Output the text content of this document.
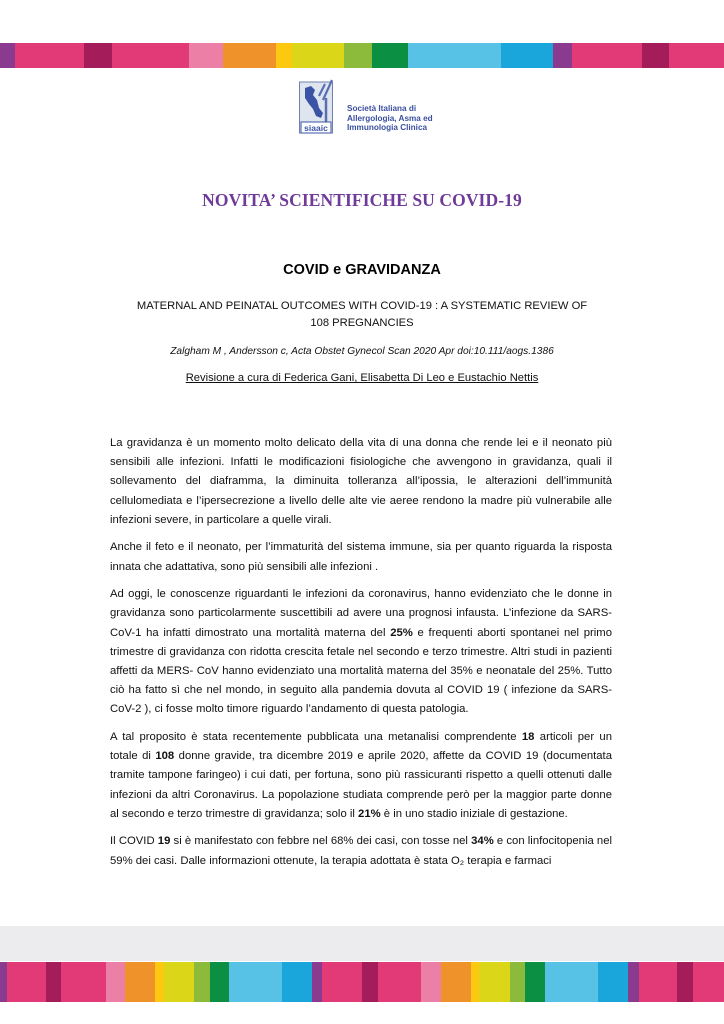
siaaic
Società Italiana di
Allergologia, Asma ed
Immunologia Clinica
NOVITA’ SCIENTIFICHE SU COVID-19
COVID e GRAVIDANZA
MATERNAL AND PEINATAL OUTCOMES WITH COVID-19 : A SYSTEMATIC REVIEW OF 108 PREGNANCIES
Zalgham M , Andersson c, Acta Obstet Gynecol Scan 2020 Apr doi:10.111/aogs.1386
Revisione a cura di Federica Gani, Elisabetta Di Leo e Eustachio Nettis

La gravidanza è un momento molto delicato della vita di una donna che rende lei e il neonato più sensibili alle infezioni. Infatti le modificazioni fisiologiche che avvengono in gravidanza, quali il sollevamento del diaframma, la diminuita tolleranza all’ipossia, le alterazioni dell’immunità cellulomediata e l’ipersecrezione a livello delle alte vie aeree rendono la madre più vulnerabile alle infezioni severe, in particolare a quelle virali.

Anche il feto e il neonato, per l’immaturità del sistema immune, sia per quanto riguarda la risposta innata che adattativa, sono più sensibili alle infezioni .

Ad oggi, le conoscenze riguardanti le infezioni da coronavirus, hanno evidenziato che le donne in gravidanza sono particolarmente suscettibili ad avere una prognosi infausta. L’infezione da SARS-CoV-1 ha infatti dimostrato una mortalità materna del 25% e frequenti aborti spontanei nel primo trimestre di gravidanza con ridotta crescita fetale nel secondo e terzo trimestre. Altri studi in pazienti affetti da MERS- CoV hanno evidenziato una mortalità materna del 35% e neonatale del 25%. Tutto ciò ha fatto sì che nel mondo, in seguito alla pandemia dovuta al COVID 19 ( infezione da SARS-CoV-2 ), ci fosse molto timore riguardo l’andamento di questa patologia.

A tal proposito è stata recentemente pubblicata una metanalisi comprendente 18 articoli per un totale di 108 donne gravide, tra dicembre 2019 e aprile 2020, affette da COVID 19 (documentata tramite tampone faringeo) i cui dati, per fortuna, sono più rassicuranti rispetto a quelli ottenuti dalle infezioni da altri Coronavirus. La popolazione studiata comprende però per la maggior parte donne al secondo e terzo trimestre di gravidanza; solo il 21% è in uno stadio iniziale di gestazione.

Il COVID 19 si è manifestato con febbre nel 68% dei casi, con tosse nel 34% e con linfocitopenia nel 59% dei casi. Dalle informazioni ottenute, la terapia adottata è stata O₂ terapia e farmaci
